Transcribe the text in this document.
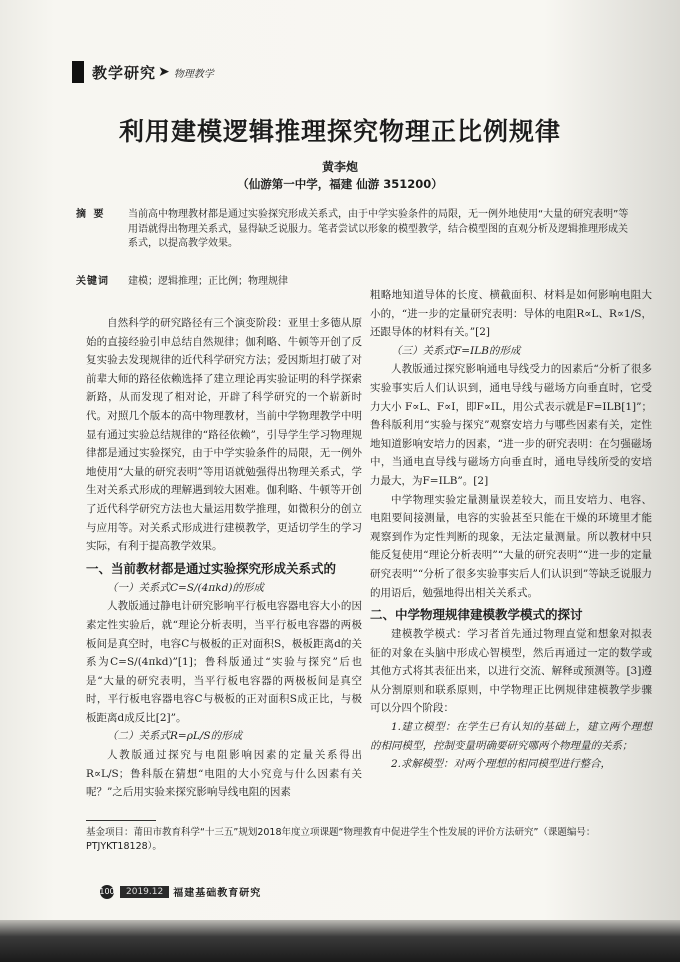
教学研究 ➤ 物理教学
利用建模逻辑推理探究物理正比例规律
黄李炮
（仙游第一中学，福建 仙游 351200）
摘 要 当前高中物理教材都是通过实验探究形成关系式，由于中学实验条件的局限，无一例外地使用“大量的研究表明”等用语就得出物理关系式，显得缺乏说服力。笔者尝试以形象的模型教学，结合模型图的直观分析及逻辑推理形成关系式，以提高教学效果。
关键词 建模；逻辑推理；正比例；物理规律

自然科学的研究路径有三个演变阶段：亚里士多德从原始的直接经验引申总结自然规律；伽利略、牛顿等开创了反复实验去发现规律的近代科学研究方法；爱因斯坦打破了对前辈大师的路径依赖选择了建立理论再实验证明的科学探索新路，从而发现了相对论，开辟了科学研究的一个崭新时代。对照几个版本的高中物理教材，当前中学物理教学中明显有通过实验总结规律的“路径依赖”，引导学生学习物理规律都是通过实验探究，由于中学实验条件的局限，无一例外地使用“大量的研究表明”等用语就勉强得出物理关系式，学生对关系式形成的理解遇到较大困难。伽利略、牛顿等开创了近代科学研究方法也大量运用数学推理，如微积分的创立与应用等。对关系式形成进行建模教学，更适切学生的学习实际，有利于提高教学效果。

一、当前教材都是通过实验探究形成关系式的
（一）关系式C=S/(4πkd)的形成

人教版通过静电计研究影响平行板电容器电容大小的因素定性实验后，就“理论分析表明，当平行板电容器的两极板间是真空时，电容C与极板的正对面积S，极板距离d的关系为C=S/(4πkd)”[1]；鲁科版通过“实验与探究”后也是“大量的研究表明，当平行板电容器的两极板间是真空时，平行板电容器电容C与极板的正对面积S成正比，与极板距离d成反比[2]”。

（二）关系式R=ρL/S的形成

人教版通过探究与电阻影响因素的定量关系得出R∝L/S；鲁科版在猜想“电阻的大小究竟与什么因素有关呢？”之后用实验来探究影响导线电阻的因素

粗略地知道导体的长度、横截面积、材料是如何影响电阻大小的，“进一步的定量研究表明：导体的电阻R∝L、R∝1/S，还跟导体的材料有关。”[2]

（三）关系式F=ILB的形成

人教版通过探究影响通电导线受力的因素后“分析了很多实验事实后人们认识到，通电导线与磁场方向垂直时，它受力大小 F∝L、F∝I，即F∝IL，用公式表示就是F=ILB[1]”；鲁科版利用“实验与探究”观察安培力与哪些因素有关，定性地知道影响安培力的因素，“进一步的研究表明：在匀强磁场中，当通电直导线与磁场方向垂直时，通电导线所受的安培力最大，为F=ILB”。[2]

中学物理实验定量测量误差较大，而且安培力、电容、电阻要间接测量，电容的实验甚至只能在干燥的环境里才能观察到作为定性判断的现象，无法定量测量。所以教材中只能反复使用“理论分析表明”“大量的研究表明”“进一步的定量研究表明”“分析了很多实验事实后人们认识到”等缺乏说服力的用语后，勉强地得出相关关系式。

二、中学物理规律建模教学模式的探讨

建模教学模式：学习者首先通过物理直觉和想象对拟表征的对象在头脑中形成心智模型，然后再通过一定的数学或其他方式将其表征出来，以进行交流、解释或预测等。[3]遵从分割原则和联系原则，中学物理正比例规律建模教学步骤可以分四个阶段：

1.建立模型：在学生已有认知的基础上，建立两个理想的相同模型，控制变量明确要研究哪两个物理量的关系；

2.求解模型：对两个理想的相同模型进行整合，

基金项目：莆田市教育科学“十三五”规划2018年度立项课题“物理教育中促进学生个性发展的评价方法研究”（课题编号：PTJYKT18128）。
100	2019.12	福建基础教育研究
